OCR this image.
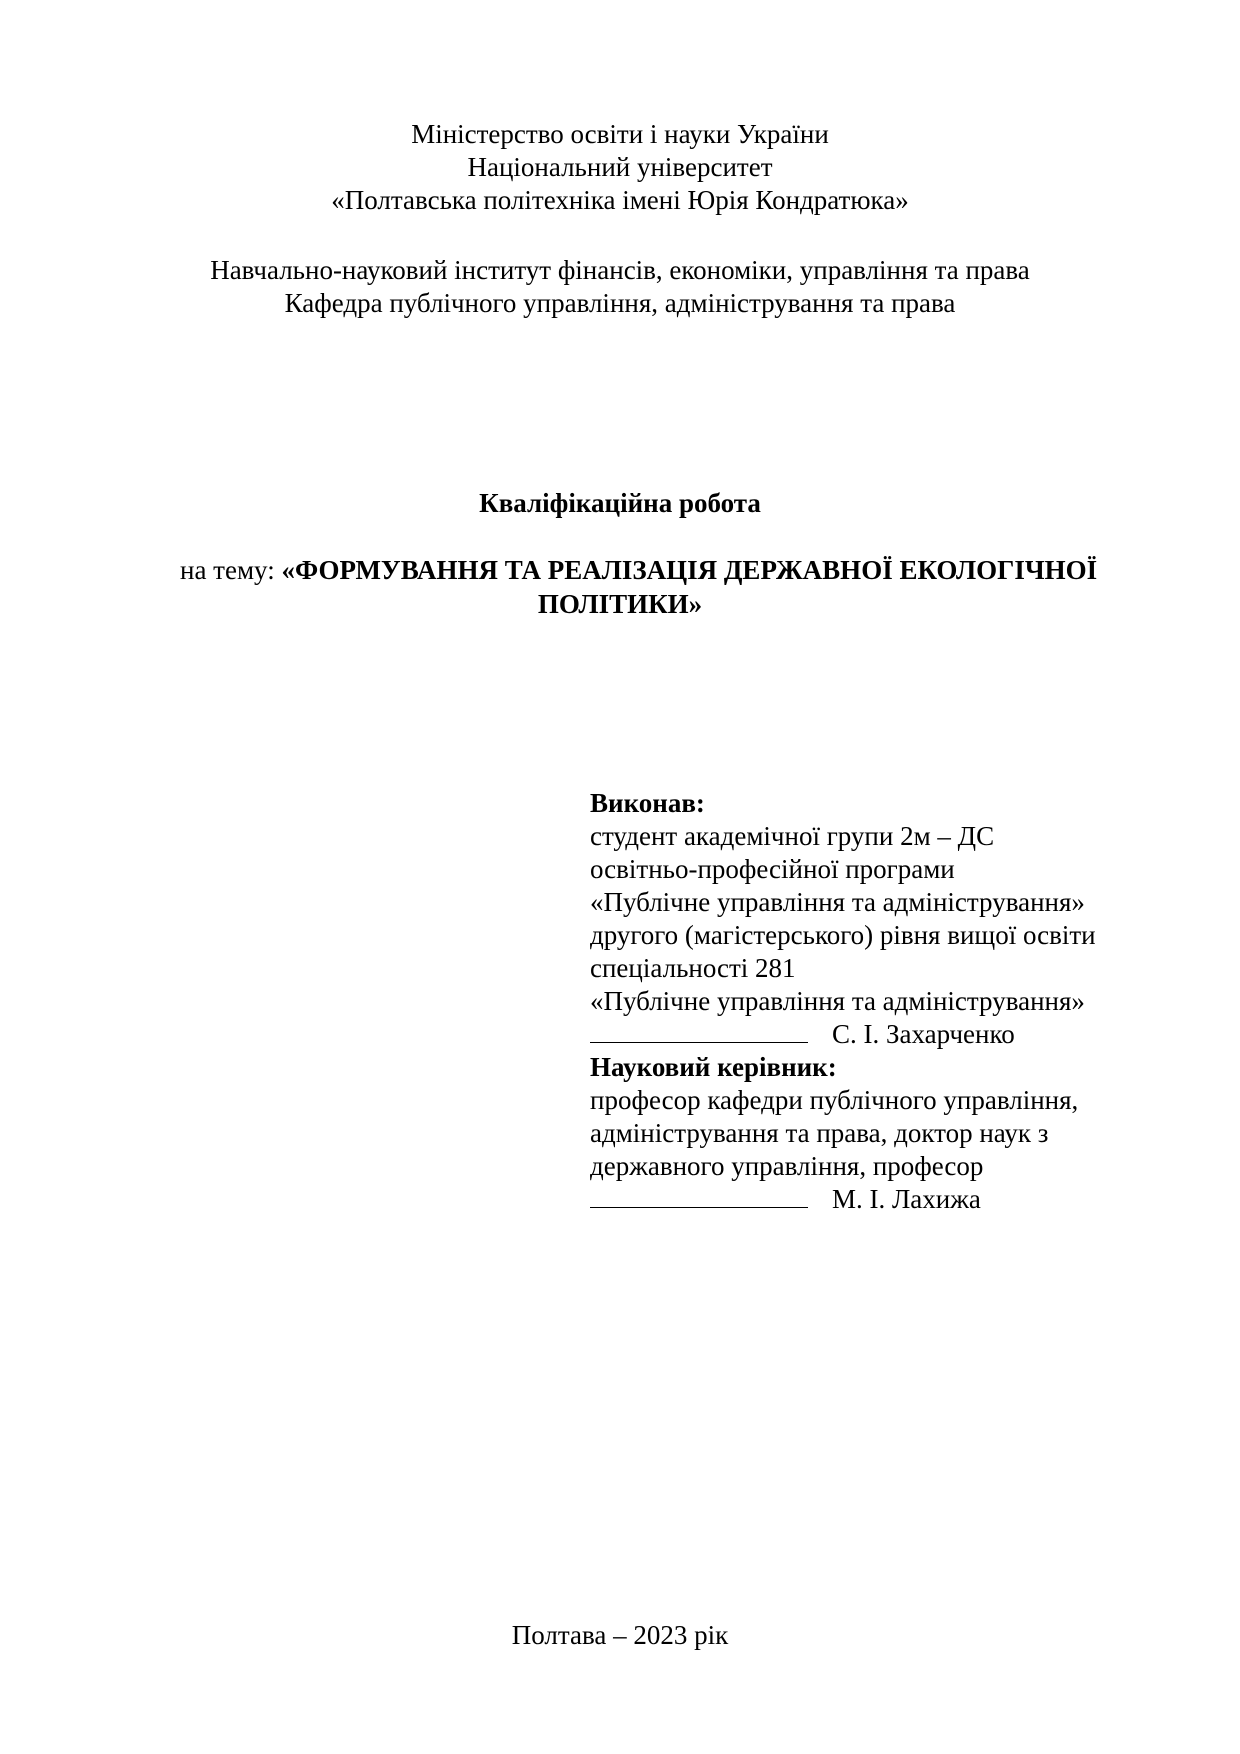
Міністерство освіти і науки України
Національний університет
«Полтавська політехніка імені Юрія Кондратюка»
Навчально-науковий інститут фінансів, економіки, управління та права
Кафедра публічного управління, адміністрування та права
Кваліфікаційна робота
на тему: «ФОРМУВАННЯ ТА РЕАЛІЗАЦІЯ ДЕРЖАВНОЇ ЕКОЛОГІЧНОЇ
ПОЛІТИКИ»
Виконав:
студент академічної групи 2м – ДС
освітньо-професійної програми
«Публічне управління та адміністрування»
другого (магістерського) рівня вищої освіти
спеціальності 281
«Публічне управління та адміністрування»
С. І. Захарченко
Науковий керівник:
професор кафедри публічного управління,
адміністрування та права, доктор наук з
державного управління, професор
М. І. Лахижа
Полтава – 2023 рік
